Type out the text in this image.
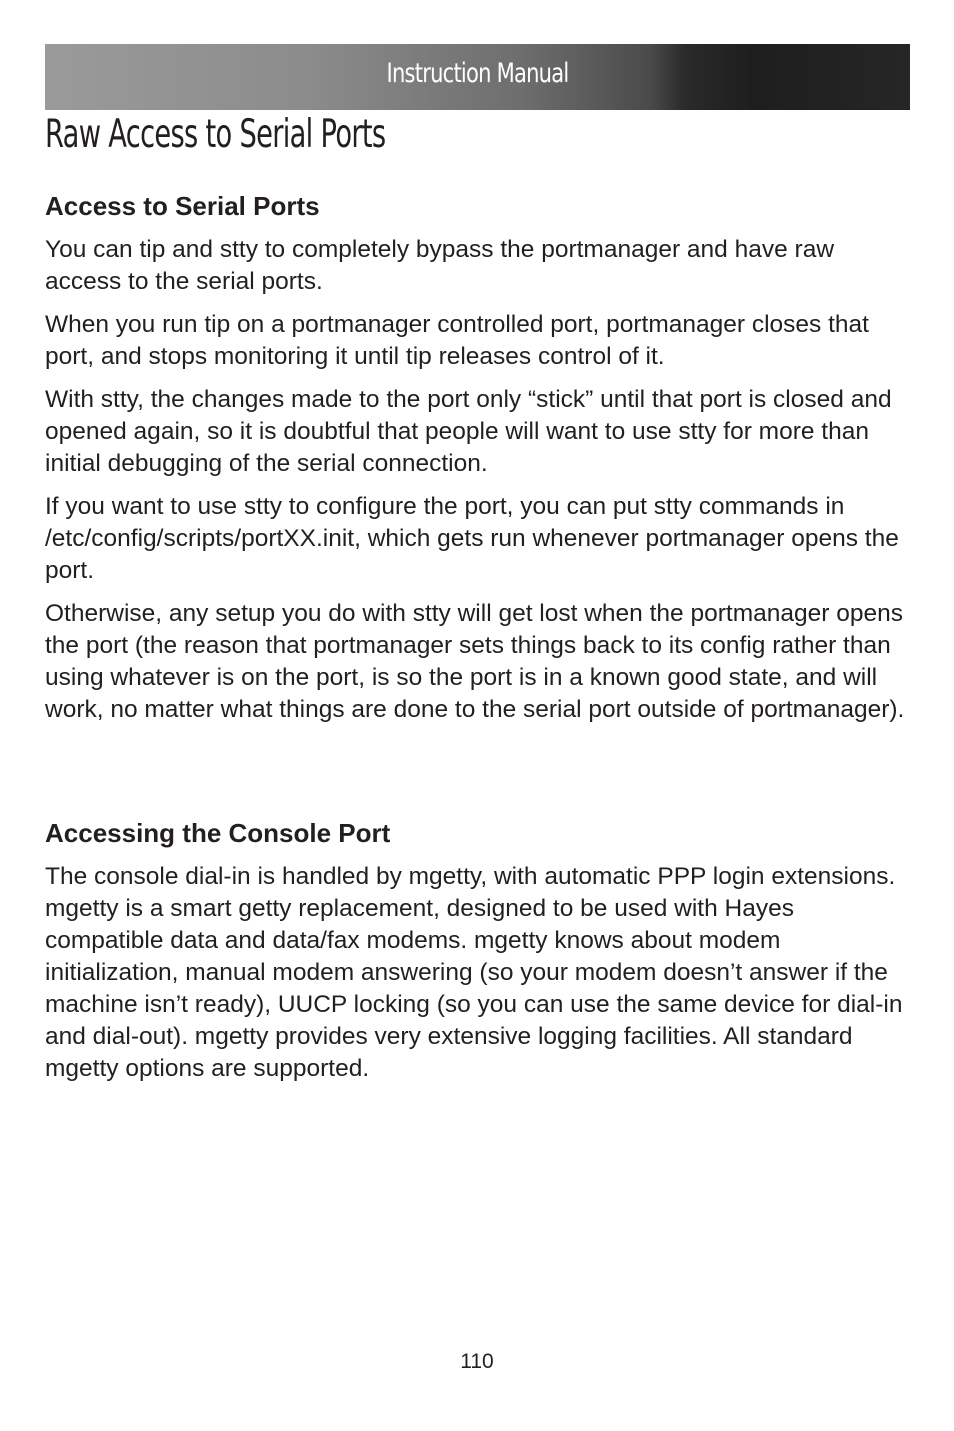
Instruction Manual
Raw Access to Serial Ports
Access to Serial Ports

You can tip and stty to completely bypass the portmanager and have raw access to the serial ports.

When you run tip on a portmanager controlled port, portmanager closes that port, and stops monitoring it until tip releases control of it.

With stty, the changes made to the port only “stick” until that port is closed and opened again, so it is doubtful that people will want to use stty for more than initial debugging of the serial connection.

If you want to use stty to configure the port, you can put stty commands in /etc/config/scripts/portXX.init, which gets run whenever portmanager opens the port.

Otherwise, any setup you do with stty will get lost when the portmanager opens the port (the reason that portmanager sets things back to its config rather than using whatever is on the port, is so the port is in a known good state, and will work, no matter what things are done to the serial port outside of portmanager).

Accessing the Console Port

The console dial-in is handled by mgetty, with automatic PPP login extensions. mgetty is a smart getty replacement, designed to be used with Hayes compatible data and data/fax modems. mgetty knows about modem initialization, manual modem answering (so your modem doesn’t answer if the machine isn’t ready), UUCP locking (so you can use the same device for dial-in and dial-out). mgetty provides very extensive logging facilities. All standard mgetty options are supported.

110
